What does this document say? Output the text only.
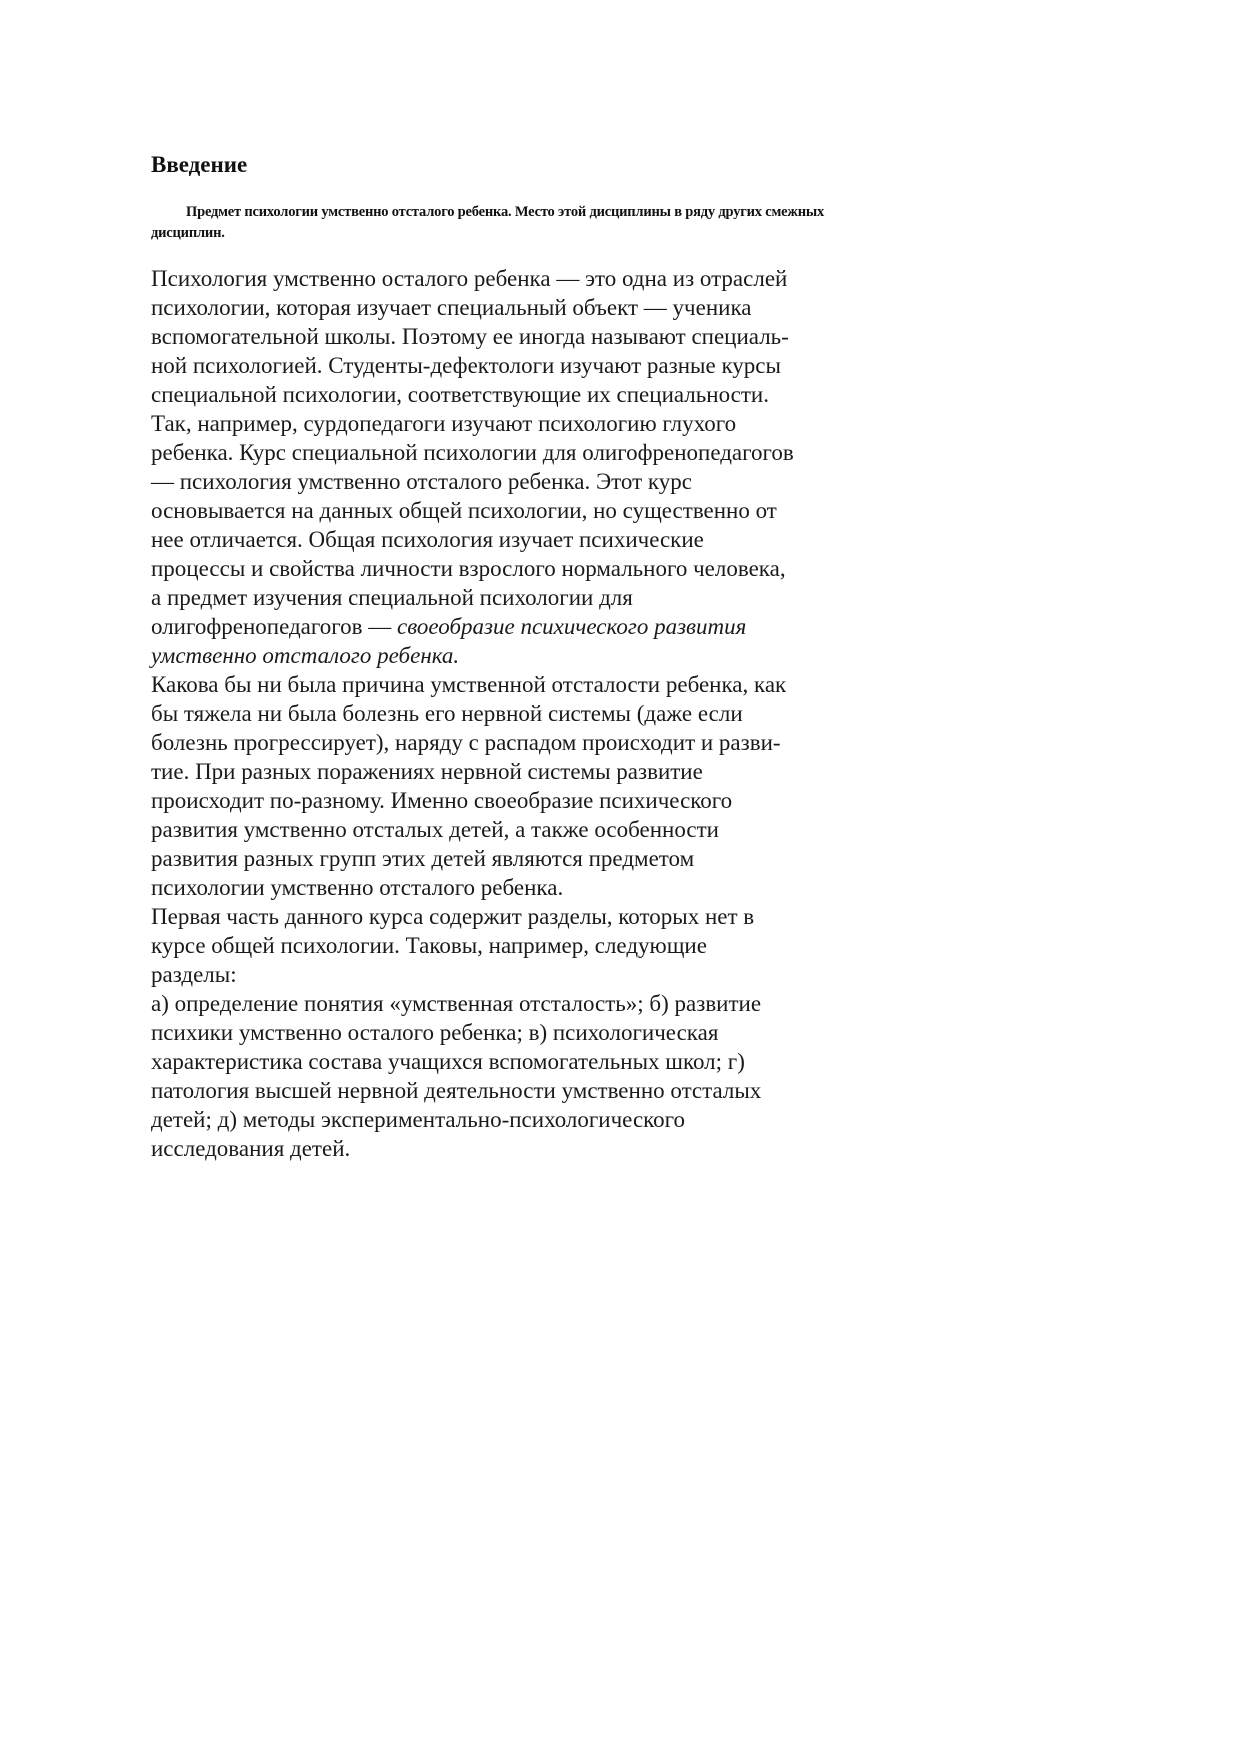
Введение

Предмет психологии умственно отсталого ребенка. Место этой дисциплины в ряду других смежных дисциплин.

Психология умственно осталого ребенка — это одна из отраслей
психологии, которая изучает специальный объект — ученика
вспомогательной школы. Поэтому ее иногда называют специаль-
ной психологией. Студенты-дефектологи изучают разные курсы
специальной психологии, соответствующие их специальности.
Так, например, сурдопедагоги изучают психологию глухого
ребенка. Курс специальной психологии для олигофренопедагогов
— психология умственно отсталого ребенка. Этот курс
основывается на данных общей психологии, но существенно от
нее отличается. Общая психология изучает психические
процессы и свойства личности взрослого нормального человека,
а предмет изучения специальной психологии для
олигофренопедагогов — своеобразие психического развития
умственно отсталого ребенка.
Какова бы ни была причина умственной отсталости ребенка, как
бы тяжела ни была болезнь его нервной системы (даже если
болезнь прогрессирует), наряду с распадом происходит и разви-
тие. При разных поражениях нервной системы развитие
происходит по-разному. Именно своеобразие психического
развития умственно отсталых детей, а также особенности
развития разных групп этих детей являются предметом
психологии умственно отсталого ребенка.
Первая часть данного курса содержит разделы, которых нет в
курсе общей психологии. Таковы, например, следующие
разделы:
а) определение понятия «умственная отсталость»; б) развитие
психики умственно осталого ребенка; в) психологическая
характеристика состава учащихся вспомогательных школ; г)
патология высшей нервной деятельности умственно отсталых
детей; д) методы экспериментально-психологического
исследования детей.
